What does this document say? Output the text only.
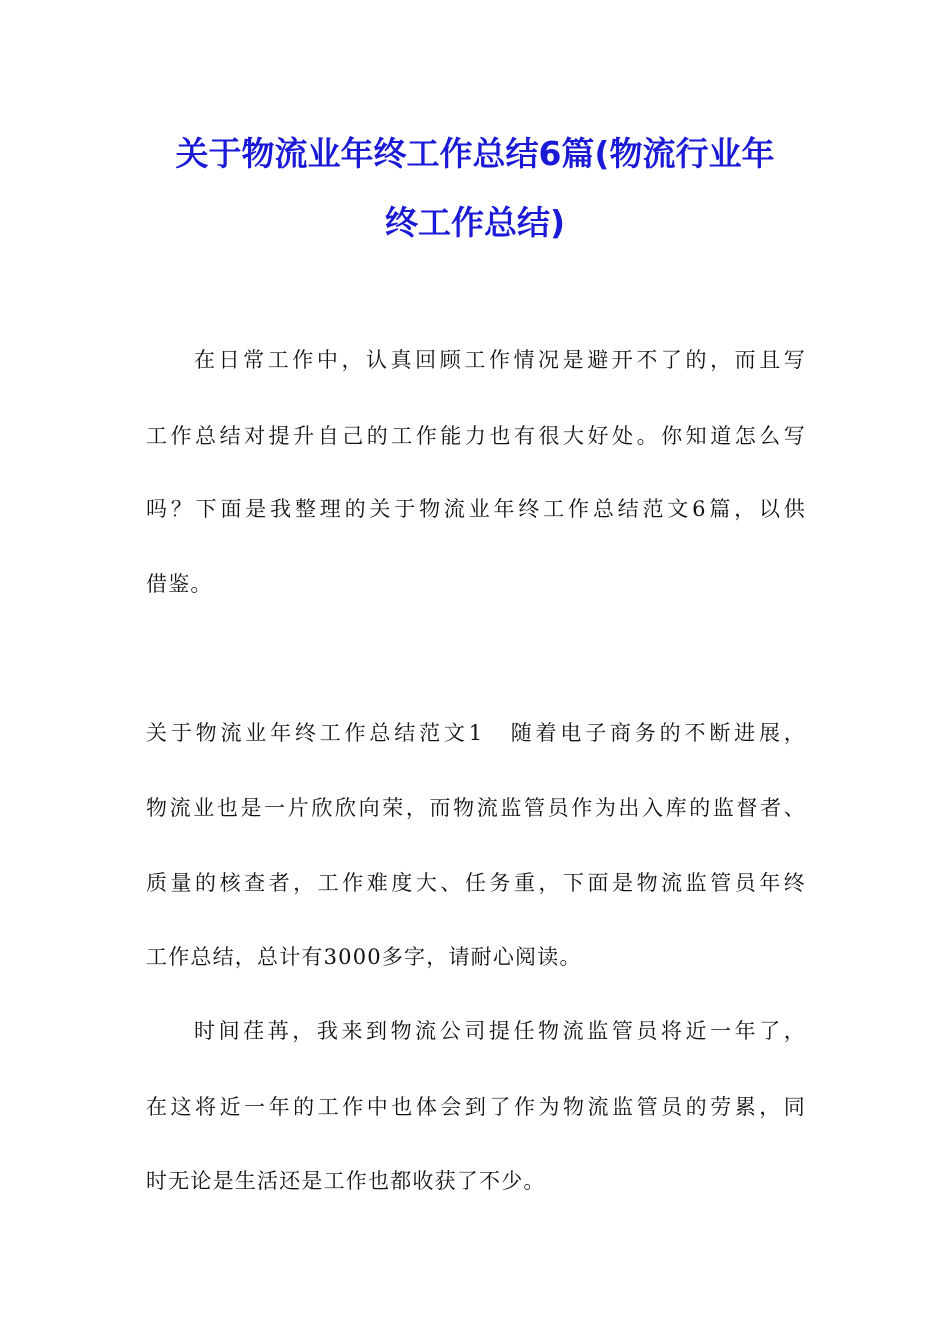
关于物流业年终工作总结6篇(物流行业年
终工作总结)
在日常工作中，认真回顾工作情况是避开不了的，而且写
工作总结对提升自己的工作能力也有很大好处。你知道怎么写
吗？下面是我整理的关于物流业年终工作总结范文6篇，以供
借鉴。
关于物流业年终工作总结范文1　随着电子商务的不断进展，
物流业也是一片欣欣向荣，而物流监管员作为出入库的监督者、
质量的核查者，工作难度大、任务重，下面是物流监管员年终
工作总结，总计有3000多字，请耐心阅读。
时间荏苒，我来到物流公司提任物流监管员将近一年了，
在这将近一年的工作中也体会到了作为物流监管员的劳累，同
时无论是生活还是工作也都收获了不少。
